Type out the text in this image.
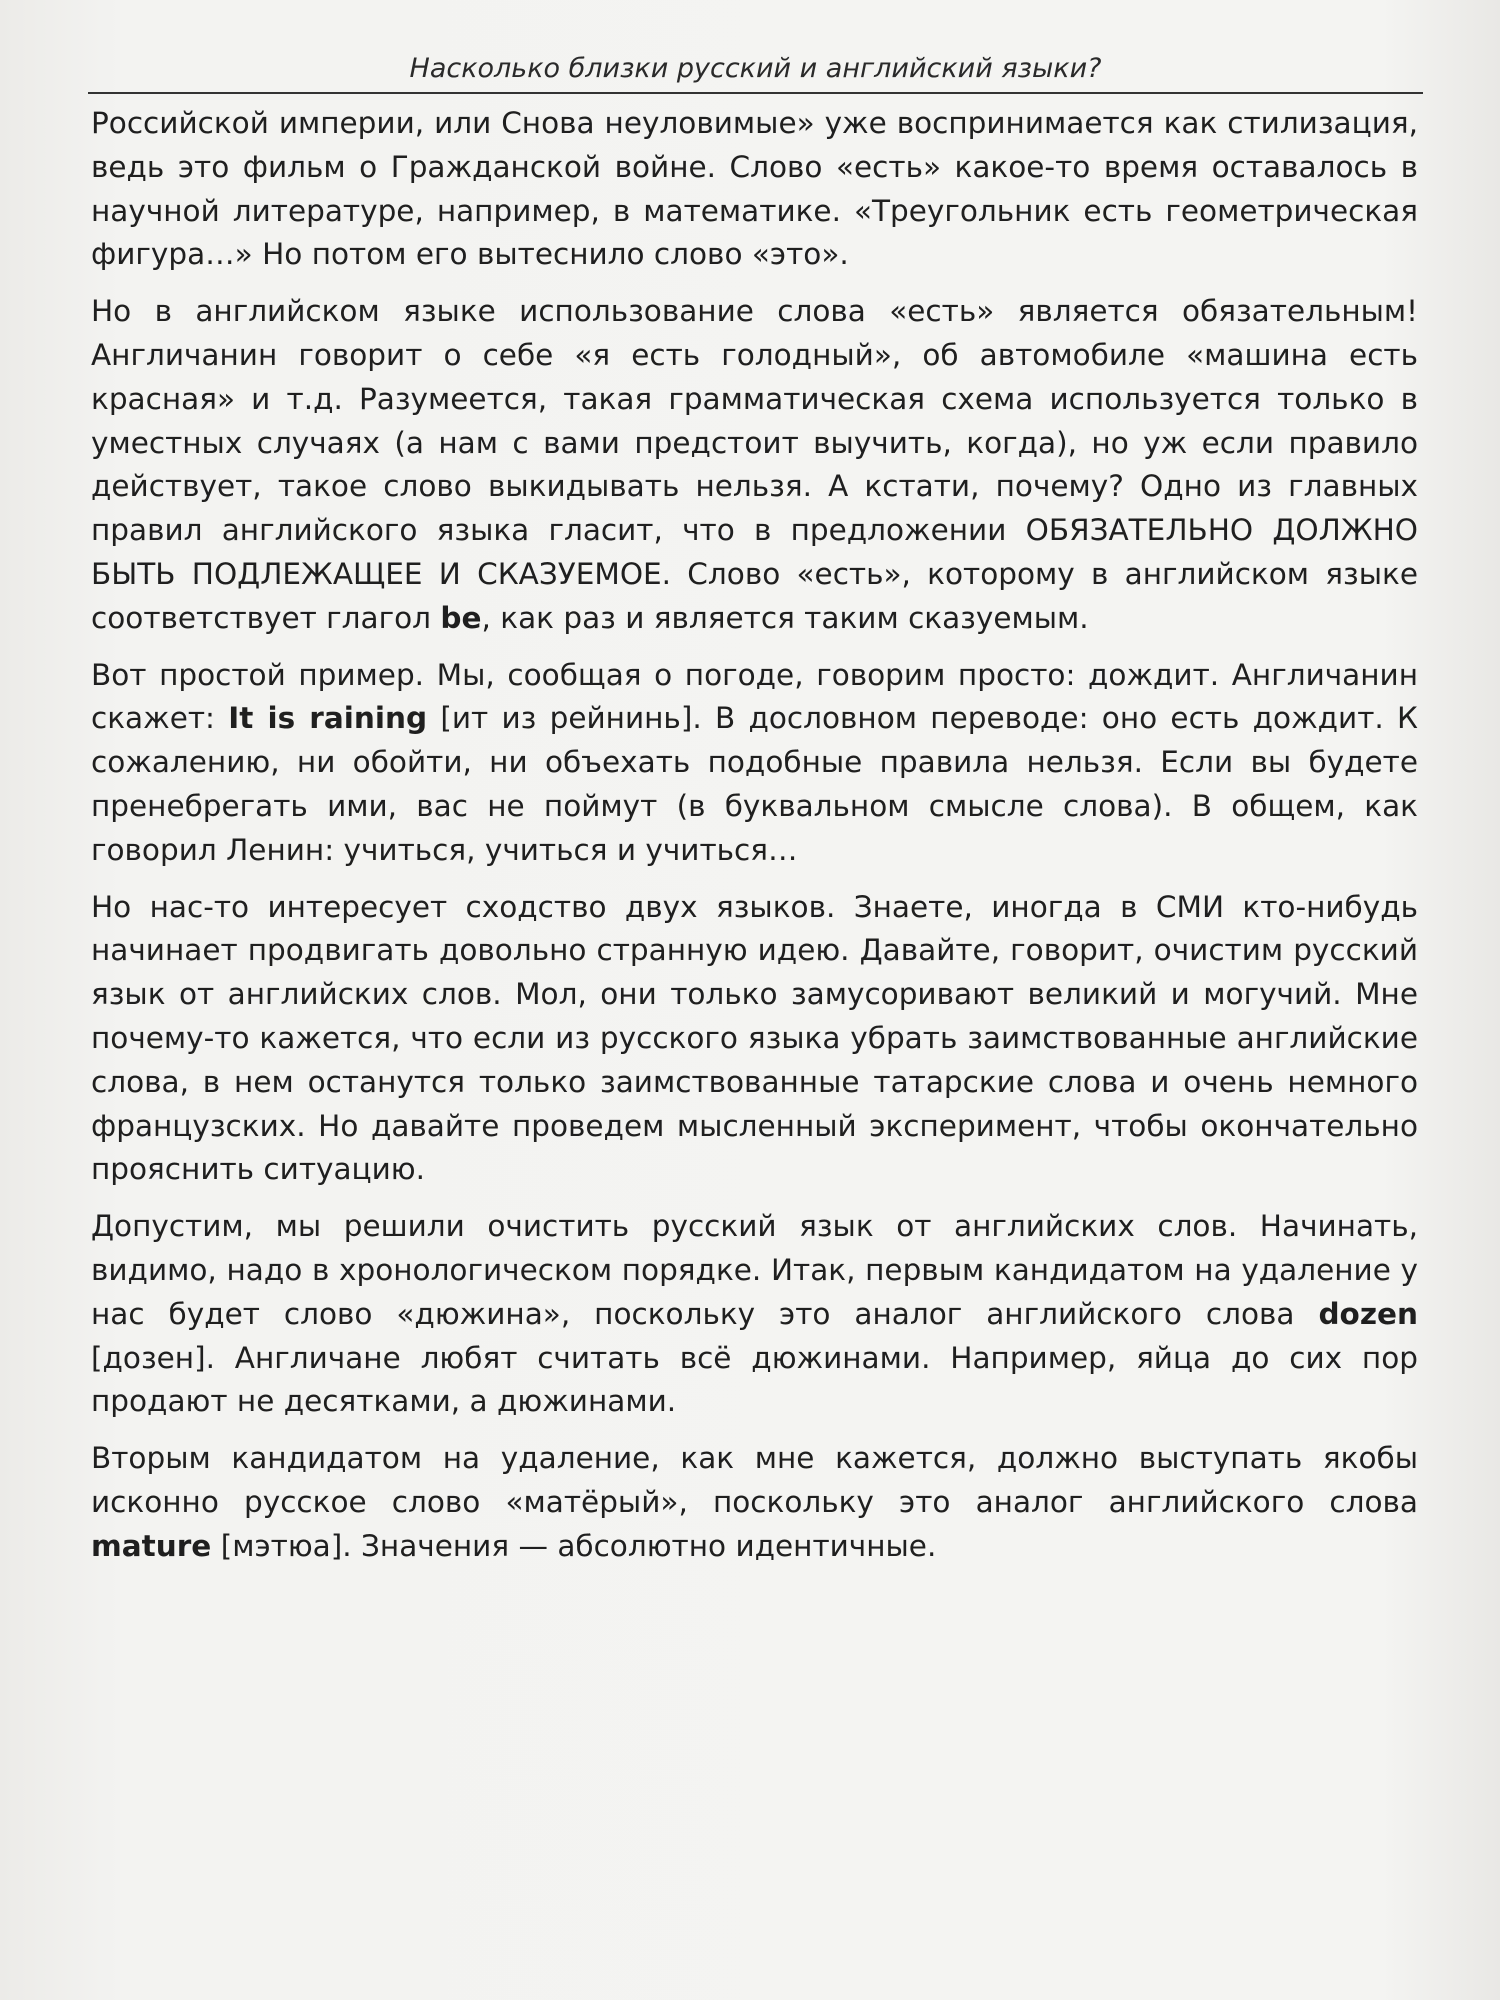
Насколько близки русский и английский языки?

Российской империи, или Снова неуловимые» уже воспринимается как стилизация, ведь это фильм о Гражданской войне. Слово «есть» какое-то время оставалось в научной литературе, например, в математике. «Треугольник есть геометрическая фигура…» Но потом его вытеснило слово «это».

Но в английском языке использование слова «есть» является обязательным! Англичанин говорит о себе «я есть голодный», об автомобиле «машина есть красная» и т.д. Разумеется, такая грамматическая схема используется только в уместных случаях (а нам с вами предстоит выучить, когда), но уж если правило действует, такое слово выкидывать нельзя. А кстати, почему? Одно из главных правил английского языка гласит, что в предложении ОБЯЗАТЕЛЬНО ДОЛЖНО БЫТЬ ПОДЛЕЖАЩЕЕ И СКАЗУЕМОЕ. Слово «есть», которому в английском языке соответствует глагол be, как раз и является таким сказуемым.

Вот простой пример. Мы, сообщая о погоде, говорим просто: дождит. Англичанин скажет: It is raining [ит из рейнинь]. В дословном переводе: оно есть дождит. К сожалению, ни обойти, ни объехать подобные правила нельзя. Если вы будете пренебрегать ими, вас не поймут (в буквальном смысле слова). В общем, как говорил Ленин: учиться, учиться и учиться…

Но нас-то интересует сходство двух языков. Знаете, иногда в СМИ кто-нибудь начинает продвигать довольно странную идею. Давайте, говорит, очистим русский язык от английских слов. Мол, они только замусоривают великий и могучий. Мне почему-то кажется, что если из русского языка убрать заимствованные английские слова, в нем останутся только заимствованные татарские слова и очень немного французских. Но давайте проведем мысленный эксперимент, чтобы окончательно прояснить ситуацию.

Допустим, мы решили очистить русский язык от английских слов. Начинать, видимо, надо в хронологическом порядке. Итак, первым кандидатом на удаление у нас будет слово «дюжина», поскольку это аналог английского слова dozen [дозен]. Англичане любят считать всё дюжинами. Например, яйца до сих пор продают не десятками, а дюжинами.

Вторым кандидатом на удаление, как мне кажется, должно выступать якобы исконно русское слово «матёрый», поскольку это аналог английского слова mature [мэтюа]. Значения — абсолютно идентичные.
